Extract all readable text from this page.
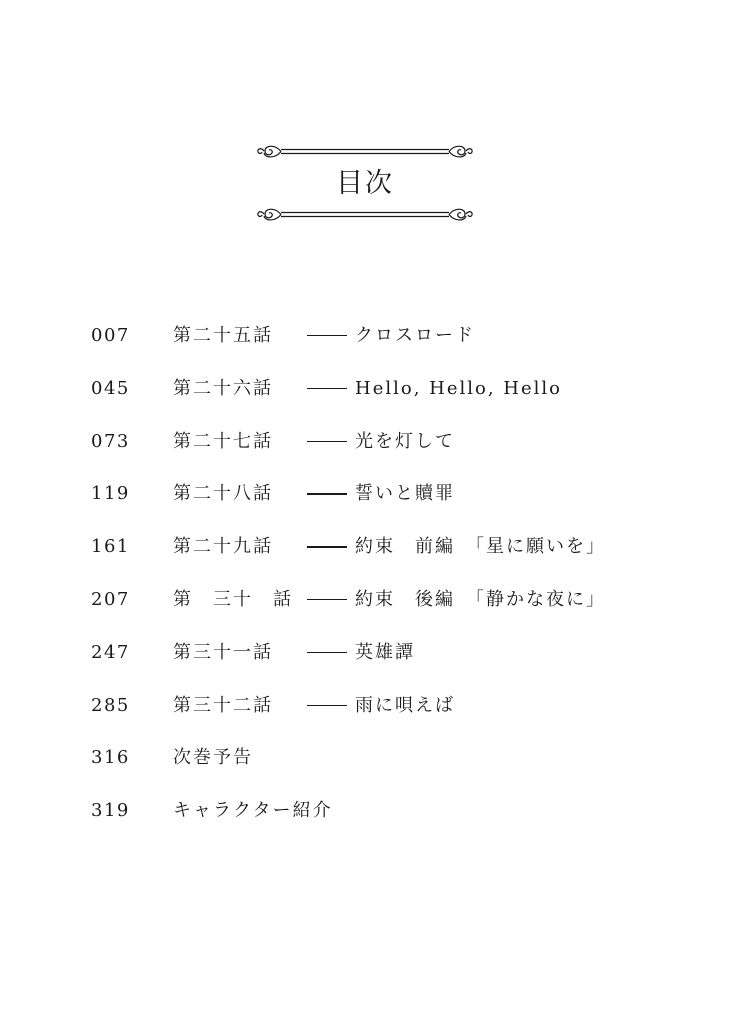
目次
007 第二十五話	クロスロード
045 第二十六話	Hello, Hello, Hello
073 第二十七話	光を灯して
119 第二十八話	誓いと贖罪
161 第二十九話	約束　前編　「星に願いを」
207 第　三十　話	約束　後編　「静かな夜に」
247 第三十一話	英雄譚
285 第三十二話	雨に唄えば
316 次巻予告
319 キャラクター紹介
